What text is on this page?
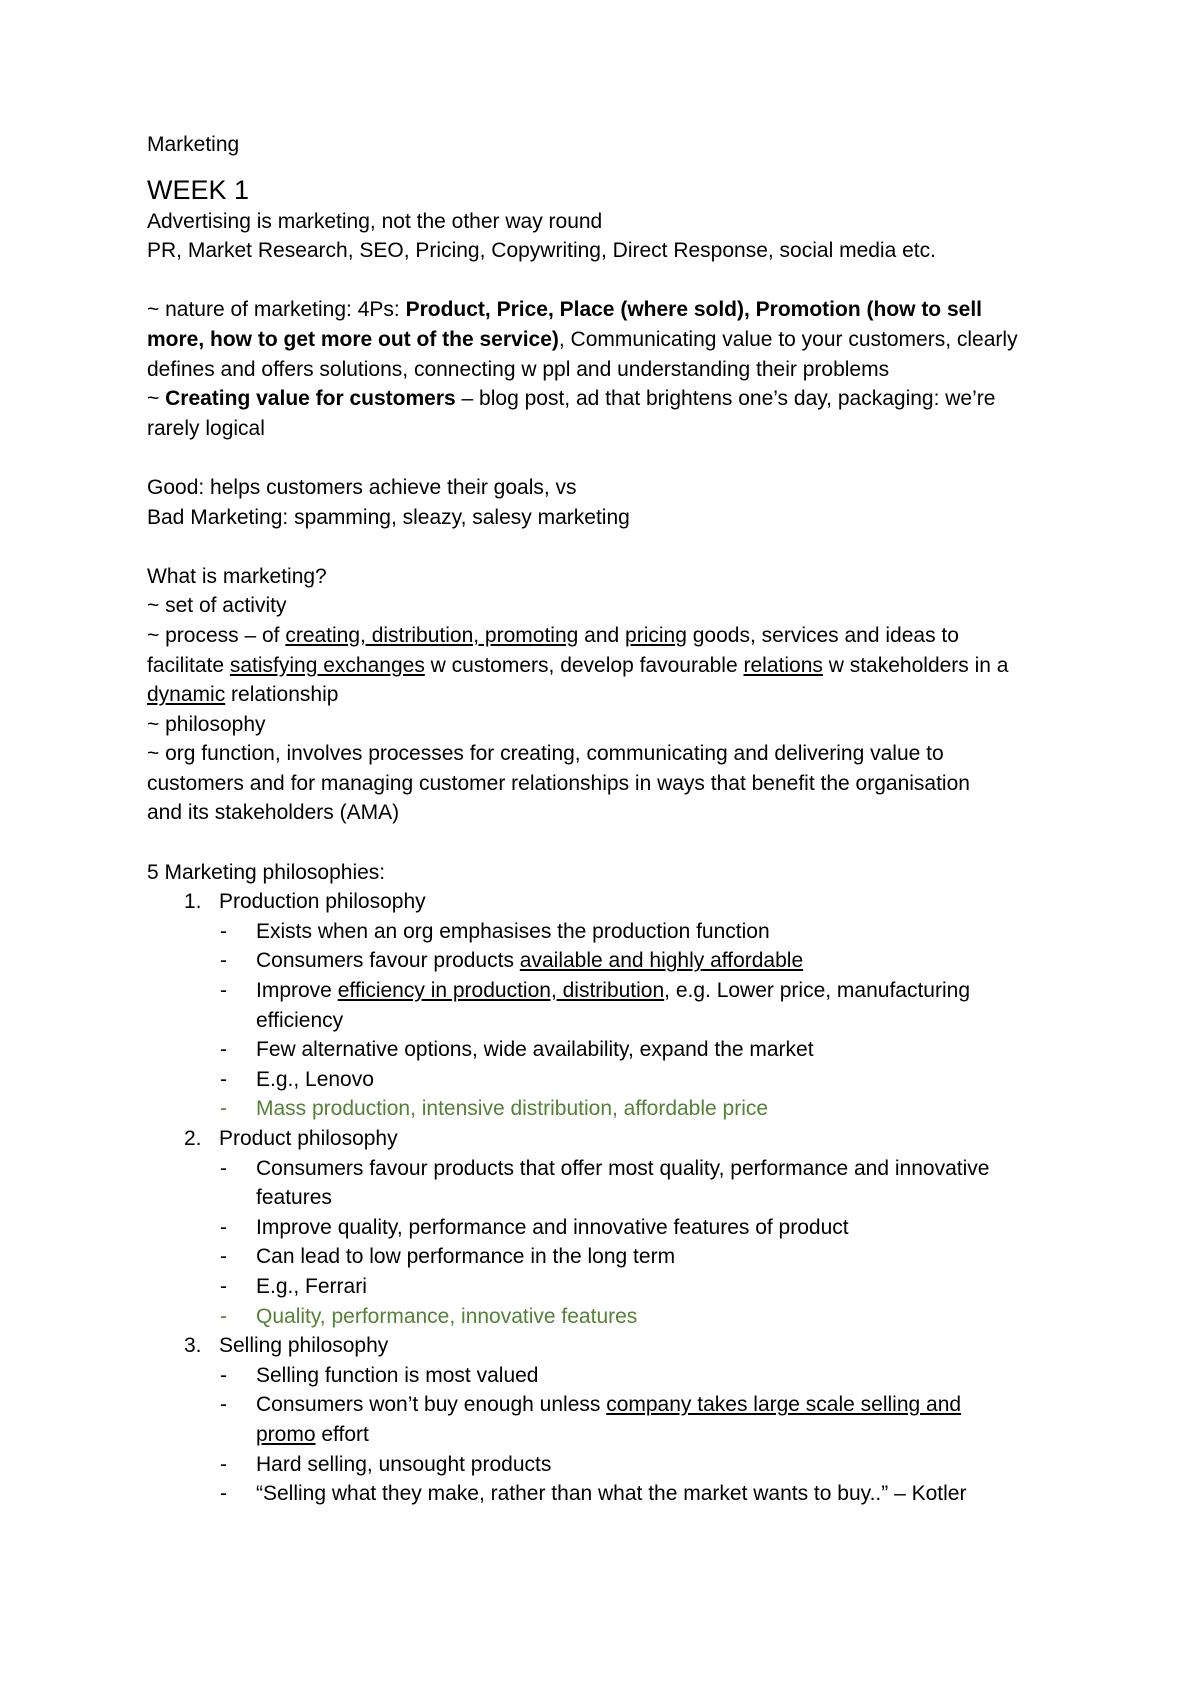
Marketing
WEEK 1
Advertising is marketing, not the other way round
PR, Market Research, SEO, Pricing, Copywriting, Direct Response, social media etc.
~ nature of marketing: 4Ps: Product, Price, Place (where sold), Promotion (how to sell
more, how to get more out of the service), Communicating value to your customers, clearly
defines and offers solutions, connecting w ppl and understanding their problems
~ Creating value for customers – blog post, ad that brightens one’s day, packaging: we’re
rarely logical
Good: helps customers achieve their goals, vs
Bad Marketing: spamming, sleazy, salesy marketing
What is marketing?
~ set of activity
~ process – of creating, distribution, promoting and pricing goods, services and ideas to
facilitate satisfying exchanges w customers, develop favourable relations w stakeholders in a
dynamic relationship
~ philosophy
~ org function, involves processes for creating, communicating and delivering value to
customers and for managing customer relationships in ways that benefit the organisation
and its stakeholders (AMA)
5 Marketing philosophies:
1. Production philosophy
- Exists when an org emphasises the production function
- Consumers favour products available and highly affordable
- Improve efficiency in production, distribution, e.g. Lower price, manufacturing
efficiency
- Few alternative options, wide availability, expand the market
- E.g., Lenovo
- Mass production, intensive distribution, affordable price
2. Product philosophy
- Consumers favour products that offer most quality, performance and innovative
features
- Improve quality, performance and innovative features of product
- Can lead to low performance in the long term
- E.g., Ferrari
- Quality, performance, innovative features
3. Selling philosophy
- Selling function is most valued
- Consumers won’t buy enough unless company takes large scale selling and
promo effort
- Hard selling, unsought products
- “Selling what they make, rather than what the market wants to buy..” – Kotler
